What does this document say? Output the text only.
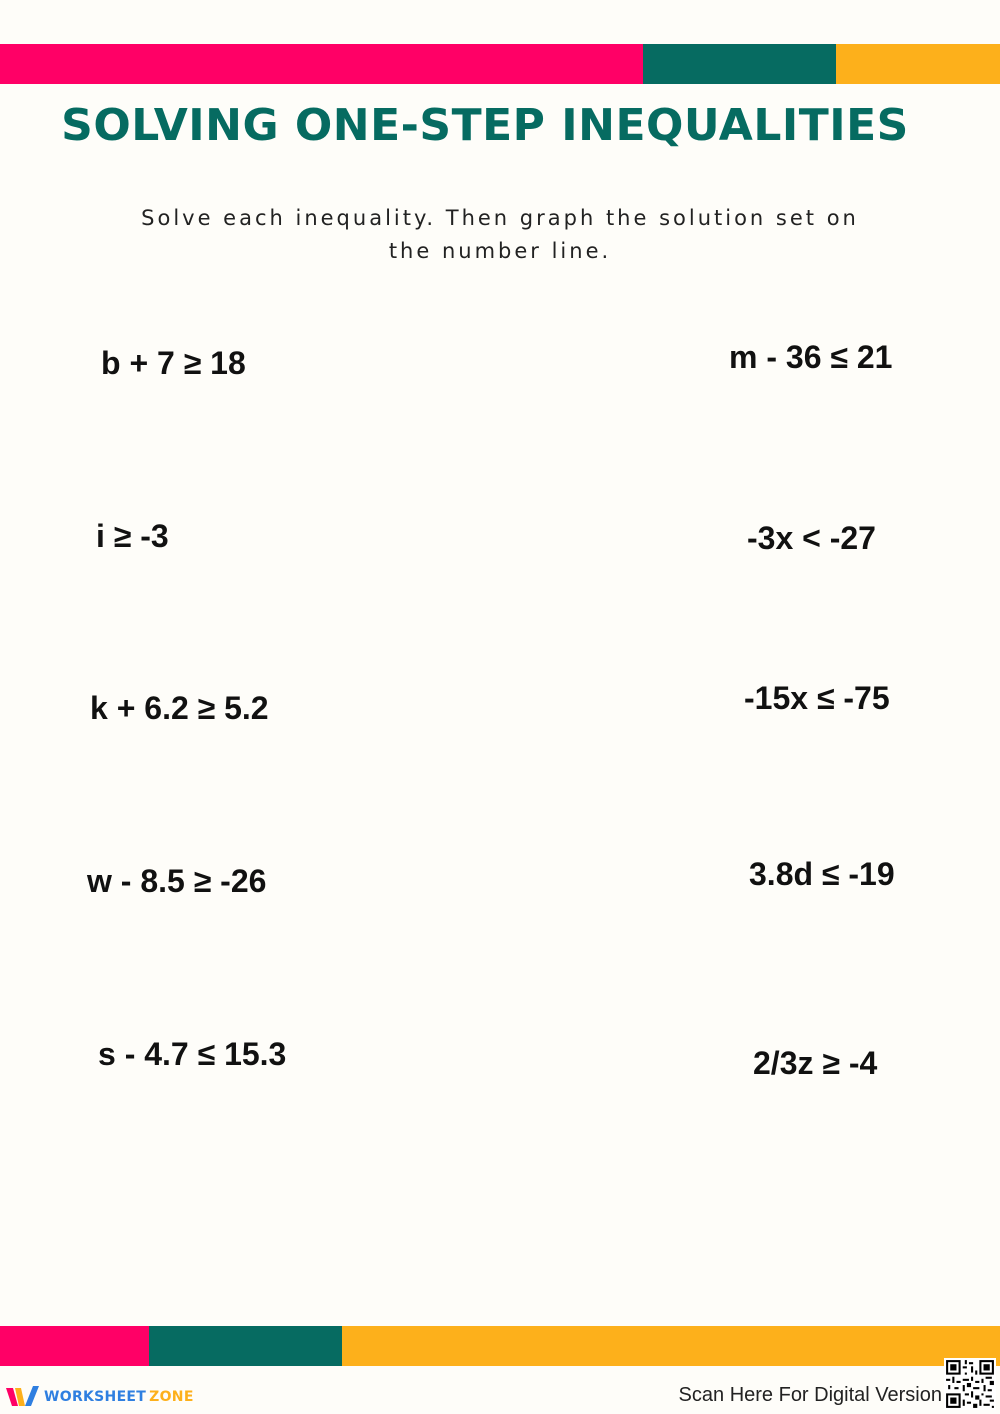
SOLVING ONE-STEP INEQUALITIES
Solve each inequality. Then graph the solution set on the number line.
b + 7 ≥ 18
i ≥ -3
k + 6.2 ≥ 5.2
w - 8.5 ≥ -26
s - 4.7 ≤ 15.3
m - 36 ≤ 21
-3x < -27
-15x ≤ -75
3.8d ≤ -19
2/3z ≥ -4
WORKSHEET ZONE	Scan Here For Digital Version
